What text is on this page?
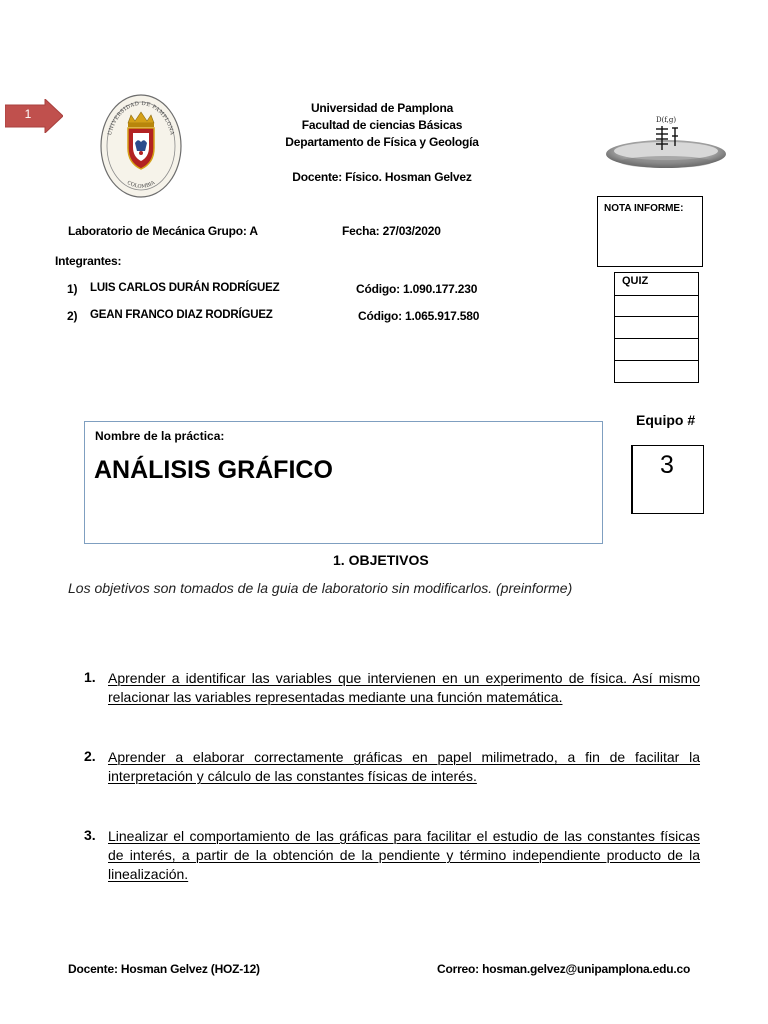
1
UNIVERSIDAD DE PAMPLONA
COLOMBIA
Universidad de Pamplona
Facultad de ciencias Básicas
Departamento de Física y Geología
Docente: Físico. Hosman Gelvez
D(f,g)
NOTA INFORME:
QUIZ
Laboratorio de Mecánica Grupo: A	Fecha: 27/03/2020
Integrantes:
1) LUIS CARLOS DURÁN RODRÍGUEZ	Código: 1.090.177.230
2) GEAN FRANCO DIAZ RODRÍGUEZ	Código: 1.065.917.580
Nombre de la práctica:
ANÁLISIS GRÁFICO
Equipo #
3
1. OBJETIVOS
Los objetivos son tomados de la guia de laboratorio sin modificarlos. (preinforme)
1. Aprender a identificar las variables que intervienen en un experimento de física. Así mismo relacionar las variables representadas mediante una función matemática.
2. Aprender a elaborar correctamente gráficas en papel milimetrado, a fin de facilitar la interpretación y cálculo de las constantes físicas de interés.
3. Linealizar el comportamiento de las gráficas para facilitar el estudio de las constantes físicas de interés, a partir de la obtención de la pendiente y término independiente producto de la linealización.
Docente: Hosman Gelvez (HOZ-12)	Correo: hosman.gelvez@unipamplona.edu.co
